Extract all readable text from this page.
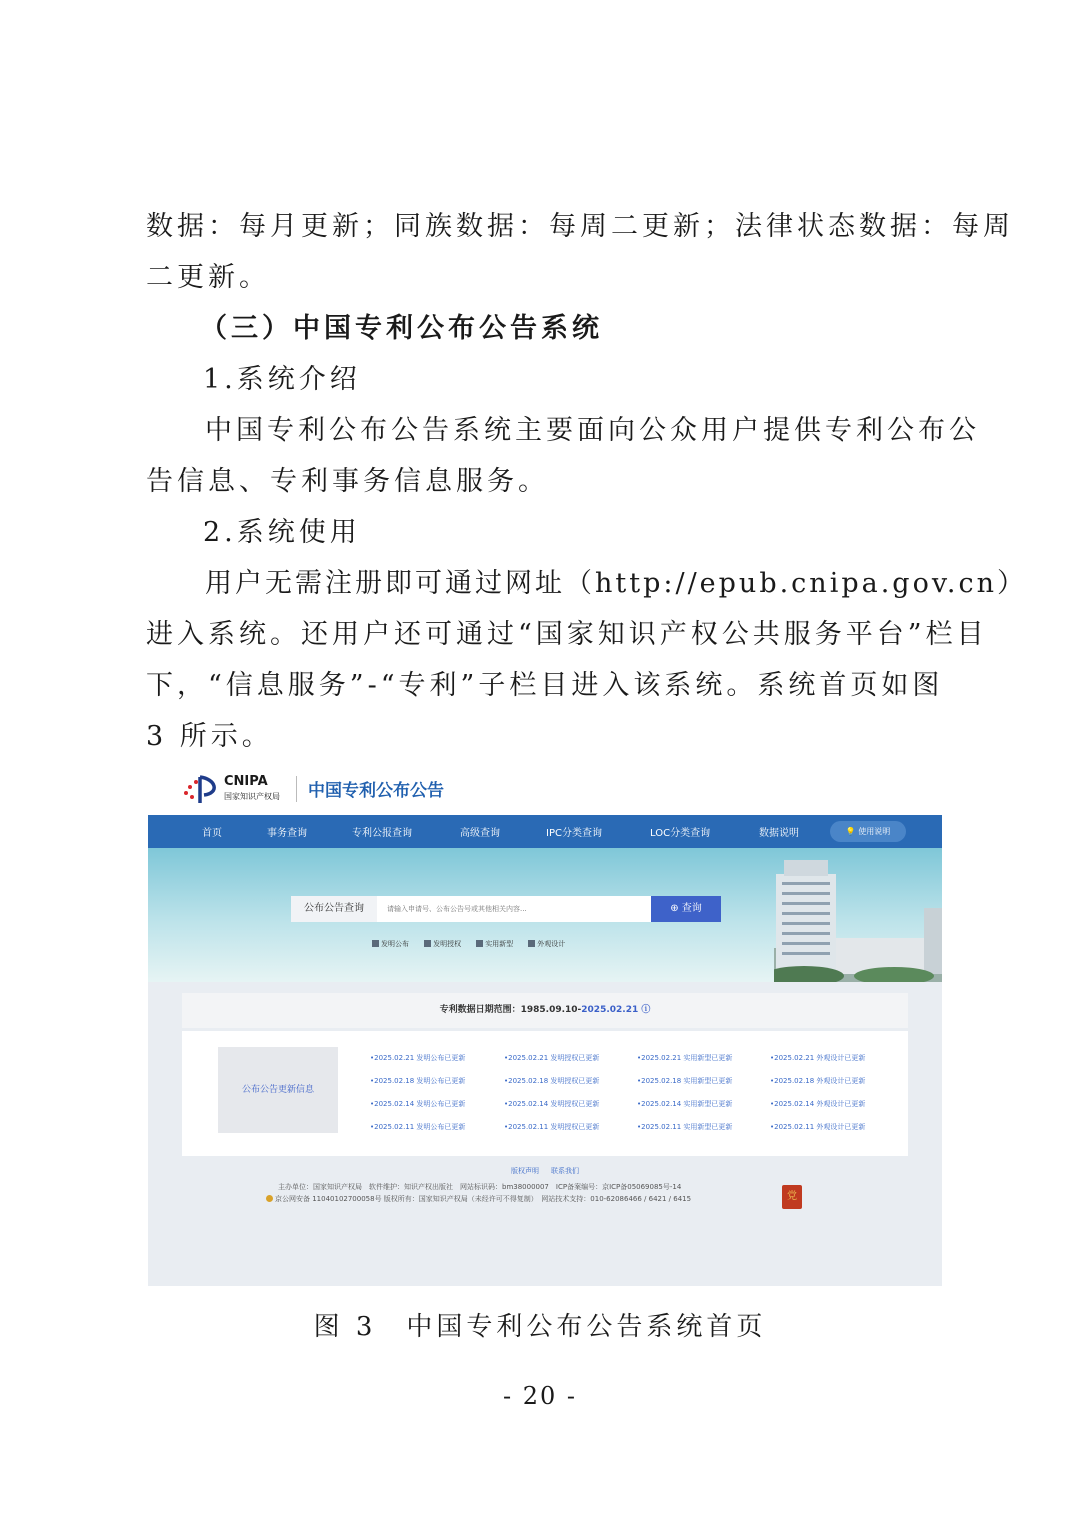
数据：每月更新；同族数据：每周二更新；法律状态数据：每周

二更新。

（三）中国专利公布公告系统

1.系统介绍

中国专利公布公告系统主要面向公众用户提供专利公布公

告信息、专利事务信息服务。

2.系统使用

用户无需注册即可通过网址（http://epub.cnipa.gov.cn）

进入系统。还用户还可通过“国家知识产权公共服务平台”栏目

下，“信息服务”-“专利”子栏目进入该系统。系统首页如图

3 所示。

CNIPA
国家知识产权局 中国专利公布公告
首页	事务查询	专利公报查询	高级查询	IPC分类查询	LOC分类查询	数据说明	💡 使用说明
公布公告查询
请输入申请号、公布公告号或其他相关内容...	⊕ 查询
发明公布	发明授权	实用新型	外观设计
专利数据日期范围：1985.09.10-2025.02.21 ⓘ
公布公告更新信息
•2025.02.21 发明公布已更新	•2025.02.21 发明授权已更新	•2025.02.21 实用新型已更新	•2025.02.21 外观设计已更新
•2025.02.18 发明公布已更新	•2025.02.18 发明授权已更新	•2025.02.18 实用新型已更新	•2025.02.18 外观设计已更新
•2025.02.14 发明公布已更新	•2025.02.14 发明授权已更新	•2025.02.14 实用新型已更新	•2025.02.14 外观设计已更新
•2025.02.11 发明公布已更新	•2025.02.11 发明授权已更新	•2025.02.11 实用新型已更新	•2025.02.11 外观设计已更新
版权声明 联系我们
主办单位：国家知识产权局　软件维护：知识产权出版社　网站标识码：bm38000007　ICP备案编号：京ICP备05069085号-14
京公网安备 11040102700058号 版权所有：国家知识产权局（未经许可不得复制）　网站技术支持：010-62086466 / 6421 / 6415	党
图 3　中国专利公布公告系统首页
- 20 -
